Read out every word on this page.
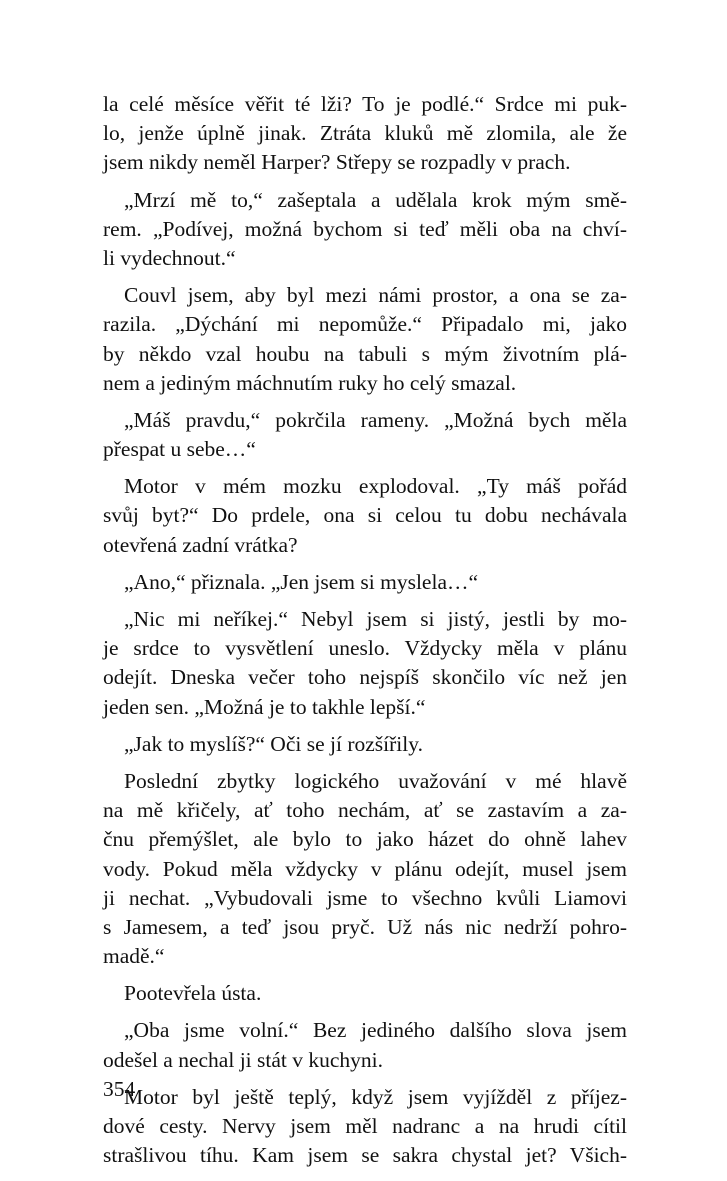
la celé měsíce věřit té lži? To je podlé.“ Srdce mi puk-
lo, jenže úplně jinak. Ztráta kluků mě zlomila, ale že
jsem nikdy neměl Harper? Střepy se rozpadly v prach.
„Mrzí mě to,“ zašeptala a udělala krok mým smě-
rem. „Podívej, možná bychom si teď měli oba na chví-
li vydechnout.“
Couvl jsem, aby byl mezi námi prostor, a ona se za-
razila. „Dýchání mi nepomůže.“ Připadalo mi, jako
by někdo vzal houbu na tabuli s mým životním plá-
nem a jediným máchnutím ruky ho celý smazal.
„Máš pravdu,“ pokrčila rameny. „Možná bych měla
přespat u sebe…“
Motor v mém mozku explodoval. „Ty máš pořád
svůj byt?“ Do prdele, ona si celou tu dobu nechávala
otevřená zadní vrátka?
„Ano,“ přiznala. „Jen jsem si myslela…“
„Nic mi neříkej.“ Nebyl jsem si jistý, jestli by mo-
je srdce to vysvětlení uneslo. Vždycky měla v plánu
odejít. Dneska večer toho nejspíš skončilo víc než jen
jeden sen. „Možná je to takhle lepší.“
„Jak to myslíš?“ Oči se jí rozšířily.
Poslední zbytky logického uvažování v mé hlavě
na mě křičely, ať toho nechám, ať se zastavím a za-
čnu přemýšlet, ale bylo to jako házet do ohně lahev
vody. Pokud měla vždycky v plánu odejít, musel jsem
ji nechat. „Vybudovali jsme to všechno kvůli Liamovi
s Jamesem, a teď jsou pryč. Už nás nic nedrží pohro-
madě.“
Pootevřela ústa.
„Oba jsme volní.“ Bez jediného dalšího slova jsem
odešel a nechal ji stát v kuchyni.
Motor byl ještě teplý, když jsem vyjížděl z příjez-
dové cesty. Nervy jsem měl nadranc a na hrudi cítil
strašlivou tíhu. Kam jsem se sakra chystal jet? Všich-
354
